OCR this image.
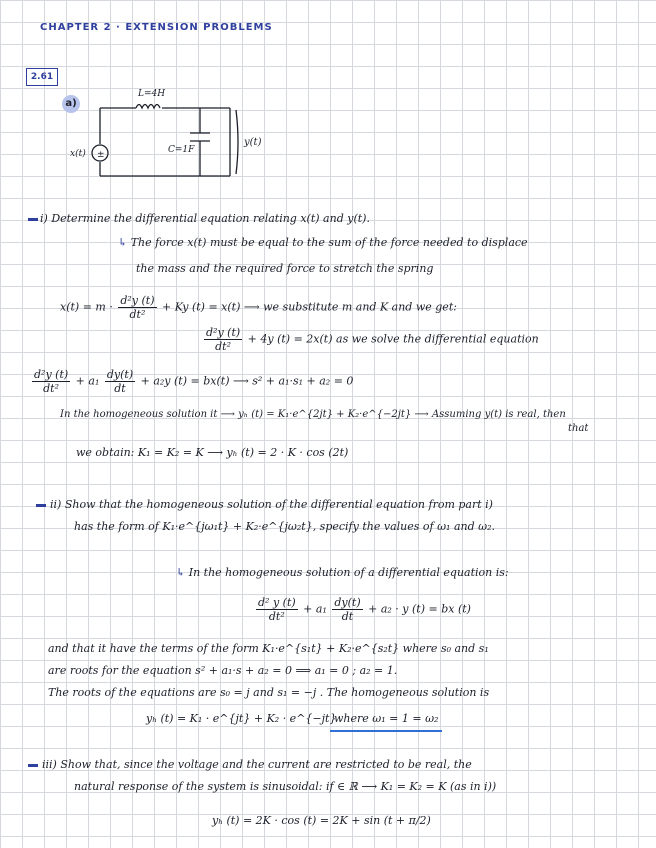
CHAPTER 2 · EXTENSION PROBLEMS
2.61
a)
±
L=4H
C=1F
x(t)
y(t)
i) Determine the differential equation relating x(t) and y(t).
↳ The force x(t) must be equal to the sum of the force needed to displace
the mass and the required force to stretch the spring
$x(t) = m \cdot \frac{\text{d²y (t)}}{\text{dt²}} + Ky$ (t) = x(t) ⟶ we substitute m and K and we get:
$\frac{\text{d²y (t)}}{\text{dt²}} + 4y$ (t) = 2x(t) as we solve the differential equation
$\frac{\text{d²y (t)}}{\text{dt²}} + a_1 \frac{dy(t)}{dt} + a_2y$ (t) = bx(t) ⟶ s² + a₁·s₁ + a₂ = 0
In the homogeneous solution it ⟶ yₕ (t) = K₁·e^{2jt} + K₂·e^{−2jt} ⟶ Assuming y(t) is real, then
that
we obtain: K₁ = K₂ = K ⟶ yₕ (t) = 2 · K · cos (2t)
ii) Show that the homogeneous solution of the differential equation from part i)
has the form of K₁·e^{jω₁t} + K₂·e^{jω₂t}, specify the values of ω₁ and ω₂.
↳ In the homogeneous solution of a differential equation is:
$\frac{\text{d² y (t)}}{\text{dt²}} + a_1 \frac{dy(t)}{dt} + a_2 \cdot y$ (t) = bx (t)
and that it have the terms of the form K₁·e^{s₁t} + K₂·e^{s₂t} where s₀ and s₁
are roots for the equation s² + a₁·s + a₂ = 0 ⟹ a₁ = 0 ; a₂ = 1.
The roots of the equations are s₀ = j and s₁ = −j . The homogeneous solution is
yₕ (t) = K₁ · e^{jt} + K₂ · e^{−jt}
where ω₁ = 1 = ω₂
iii) Show that, since the voltage and the current are restricted to be real, the
natural response of the system is sinusoidal: if ∈ ℝ ⟶ K₁ = K₂ = K (as in i))
yₕ (t) = 2K · cos (t) = 2K + sin (t + π/2)
